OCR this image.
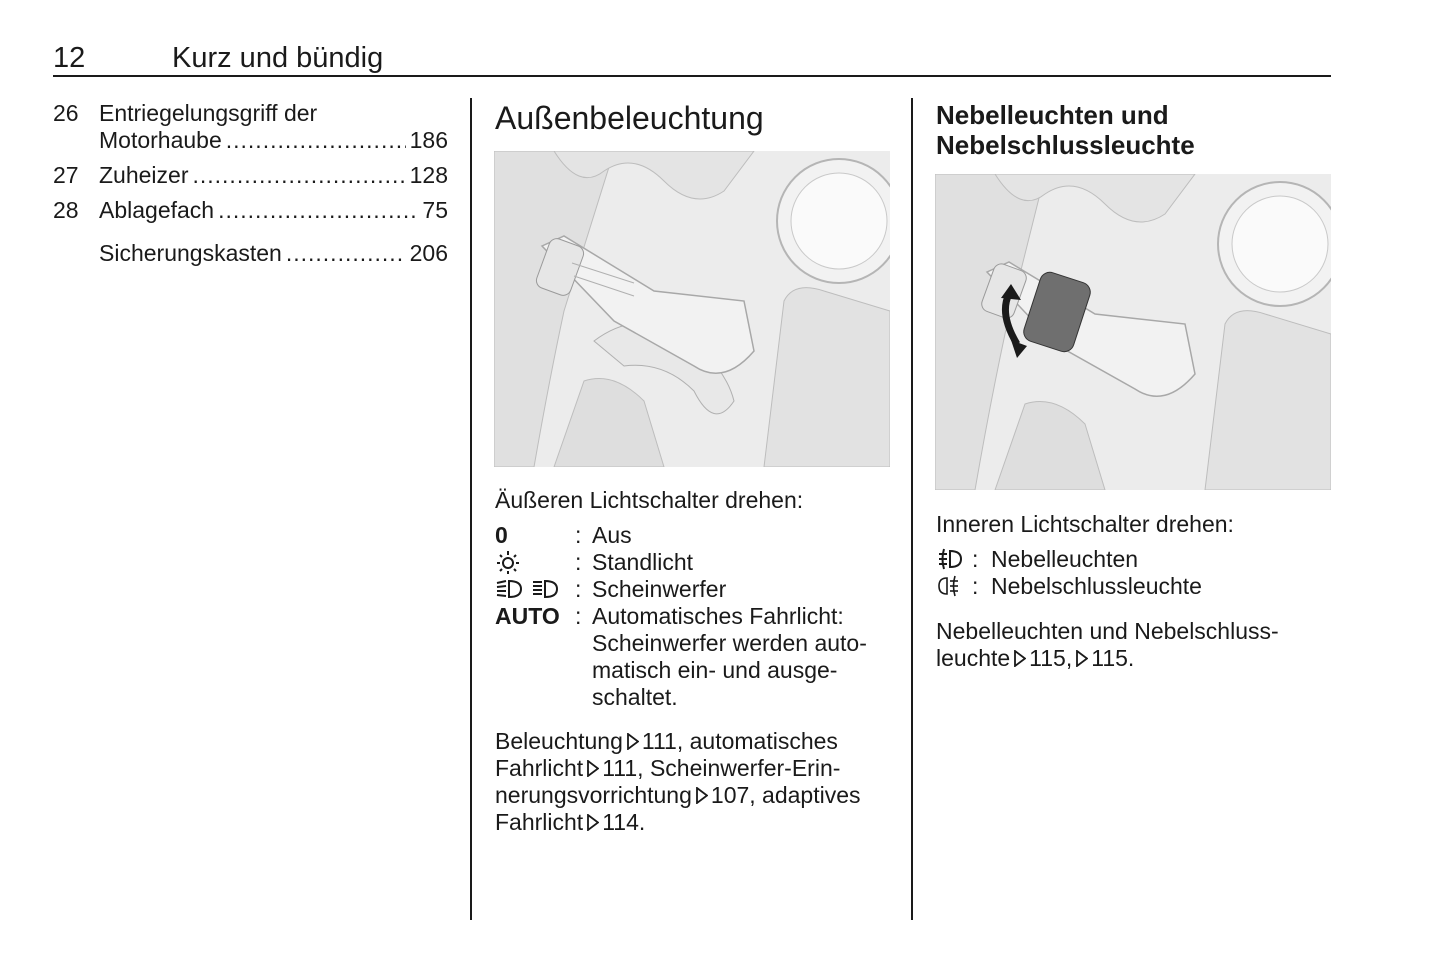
12	Kurz und bündig
26 Entriegelungsgriff der
Motorhaube .....	186
27 Zuheizer .....	128
28 Ablagefach .....	75
Sicherungskasten .....	206
Außenbeleuchtung
Äußeren Lichtschalter drehen:
0	: Aus
: Standlicht
: Scheinwerfer
AUTO : Automatisches Fahrlicht: Scheinwerfer werden auto-
matisch ein- und ausge-
schaltet.
Beleuchtung 111, automatisches
Fahrlicht 111, Scheinwerfer-Erin-
nerungsvorrichtung 107, adaptives
Fahrlicht 114.
Nebelleuchten und
Nebelschlussleuchte
Inneren Lichtschalter drehen:
: Nebelleuchten
: Nebelschlussleuchte
Nebelleuchten und Nebelschluss-
leuchte 115, 115.
